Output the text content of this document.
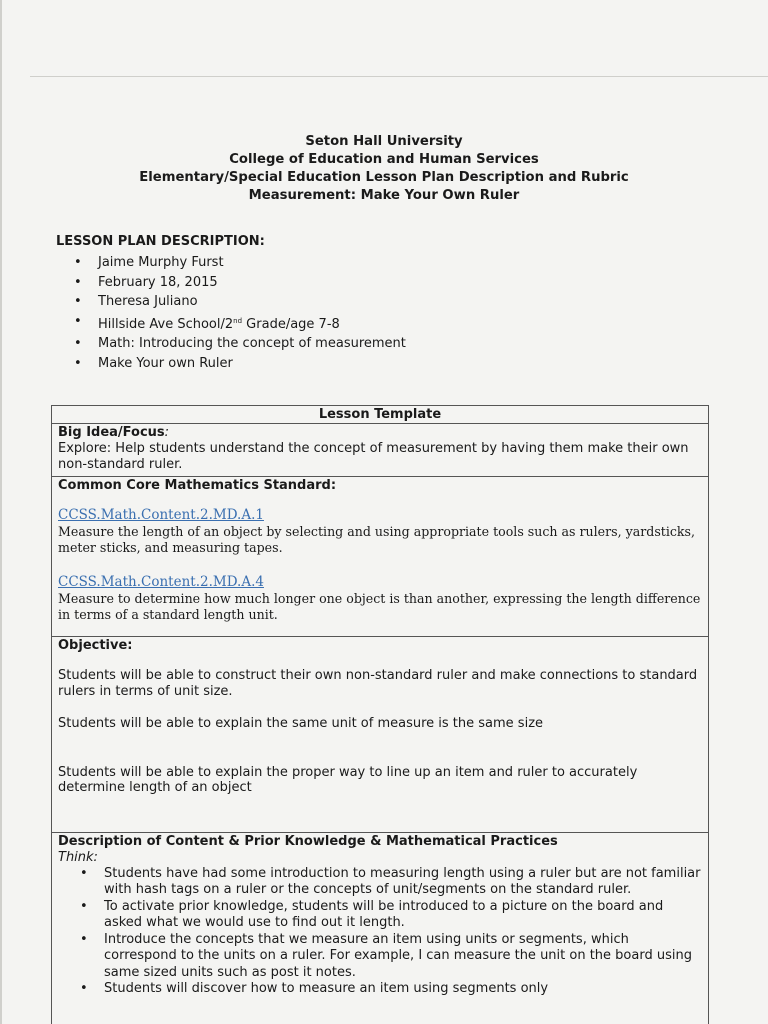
Seton Hall University
College of Education and Human Services
Elementary/Special Education Lesson Plan Description and Rubric
Measurement: Make Your Own Ruler
LESSON PLAN DESCRIPTION:
• Jaime Murphy Furst
• February 18, 2015
• Theresa Juliano
• Hillside Ave School/2nd Grade/age 7-8
• Math: Introducing the concept of measurement
• Make Your own Ruler
Lesson Template
Big Idea/Focus:
Explore: Help students understand the concept of measurement by having them make their own non-standard ruler.
Common Core Mathematics Standard:
CCSS.Math.Content.2.MD.A.1
Measure the length of an object by selecting and using appropriate tools such as rulers, yardsticks, meter sticks, and measuring tapes.
CCSS.Math.Content.2.MD.A.4
Measure to determine how much longer one object is than another, expressing the length difference in terms of a standard length unit.
Objective:
Students will be able to construct their own non-standard ruler and make connections to standard rulers in terms of unit size.
Students will be able to explain the same unit of measure is the same size
Students will be able to explain the proper way to line up an item and ruler to accurately determine length of an object
Description of Content & Prior Knowledge & Mathematical Practices
Think:
• Students have had some introduction to measuring length using a ruler but are not familiar with hash tags on a ruler or the concepts of unit/segments on the standard ruler.
• To activate prior knowledge, students will be introduced to a picture on the board and asked what we would use to find out it length.
• Introduce the concepts that we measure an item using units or segments, which correspond to the units on a ruler. For example, I can measure the unit on the board using same sized units such as post it notes.
• Students will discover how to measure an item using segments only
